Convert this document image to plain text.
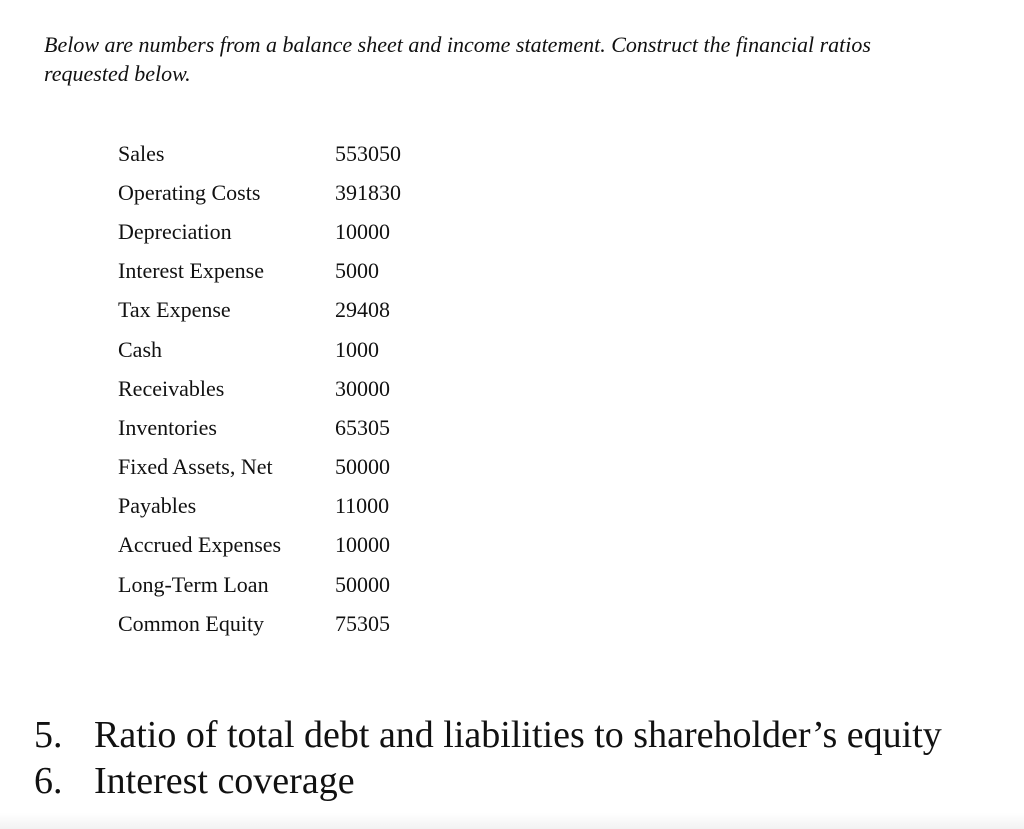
Below are numbers from a balance sheet and income statement. Construct the financial ratios
requested below.

Sales	553050
Operating Costs	391830
Depreciation	10000
Interest Expense	5000
Tax Expense	29408
Cash	1000
Receivables	30000
Inventories	65305
Fixed Assets, Net	50000
Payables	11000
Accrued Expenses	10000
Long-Term Loan	50000
Common Equity	75305
5. Ratio of total debt and liabilities to shareholder’s equity
6. Interest coverage
